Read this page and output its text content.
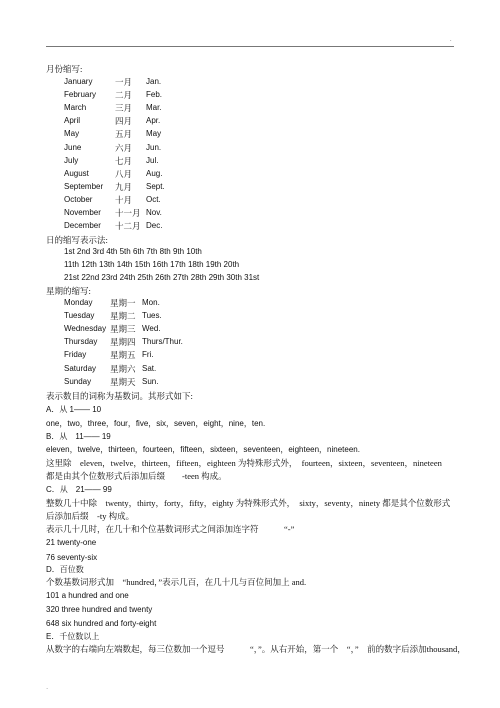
·
月份缩写:
January	一月 Jan.
February 二月 Feb.
March	三月 Mar.
April	四月 Apr.
May	五月 May
June	六月 Jun.
July	七月 Jul.
August	八月 Aug.
September 九月 Sept.
October	十月 Oct.
November 十一月 Nov.
December 十二月 Dec.
日的缩写表示法:
1st 2nd 3rd 4th 5th 6th 7th 8th 9th 10th
11th 12th 13th 14th 15th 16th 17th 18th 19th 20th
21st 22nd 23rd 24th 25th 26th 27th 28th 29th 30th 31st
星期的缩写:
Monday 星期一 Mon.
Tuesday 星期二 Tues.
Wednesday 星期三 Wed.
Thursday 星期四 Thurs/Thur.
Friday	星期五 Fri.
Saturday 星期六 Sat.
Sunday 星期天 Sun.
表示数目的词称为基数词。其形式如下:
A．从 1—— 10
one，two，three，four，five，six，seven，eight，nine，ten.
B．从　11—— 19
eleven，twelve，thirteen，fourteen，fifteen，sixteen，seventeen，eighteen，nineteen.
这里除　eleven，twelve，thirteen，fifteen，eighteen 为特殊形式外，　fourteen，sixteen，seventeen，nineteen
都是由其个位数形式后添加后缀　　-teen 构成。
C．从　21—— 99
整数几十中除　twenty，thirty，forty，fifty，eighty 为特殊形式外，　sixty，seventy，ninety 都是其个位数形式
后添加后缀　-ty 构成。
表示几十几时，在几十和个位基数词形式之间添加连字符　　　“-”
21 twenty-one
76 seventy-six
D．百位数
个数基数词形式加　“hundred，”表示几百，在几十几与百位间加上 and.
101 a hundred and one
320 three hundred and twenty
648 six hundred and forty-eight
E．千位数以上
从数字的右端向左端数起，每三位数加一个逗号　　　“，”。从右开始，第一个　“，”　前的数字后添加thousand，
.
